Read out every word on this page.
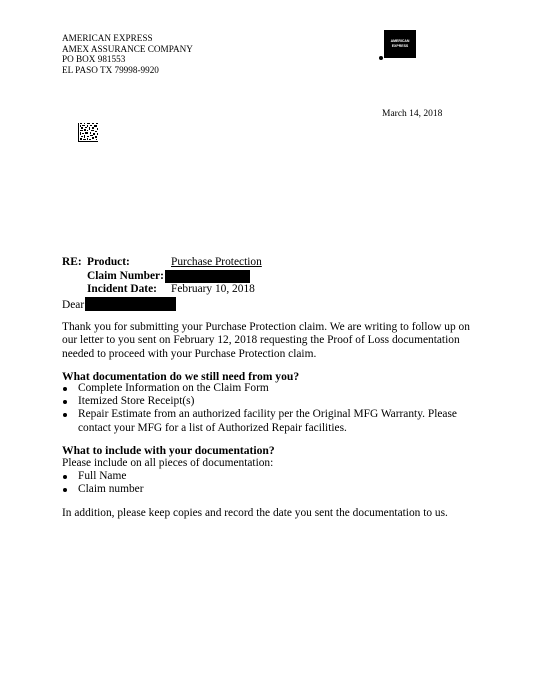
AMERICAN EXPRESS
AMEX ASSURANCE COMPANY
PO BOX 981553
EL PASO TX 79998-9920
AMERICAN
EXPRESS
March 14, 2018
RE: Product:	Purchase Protection
Claim Number:
Incident Date: February 10, 2018
Dear
Thank you for submitting your Purchase Protection claim. We are writing to follow up on our letter to you sent on February 12, 2018 requesting the Proof of Loss documentation needed to proceed with your Purchase Protection claim.
What documentation do we still need from you?
Complete Information on the Claim Form
Itemized Store Receipt(s)
Repair Estimate from an authorized facility per the Original MFG Warranty. Please contact your MFG for a list of Authorized Repair facilities.
What to include with your documentation?
Please include on all pieces of documentation:
Full Name
Claim number
In addition, please keep copies and record the date you sent the documentation to us.
